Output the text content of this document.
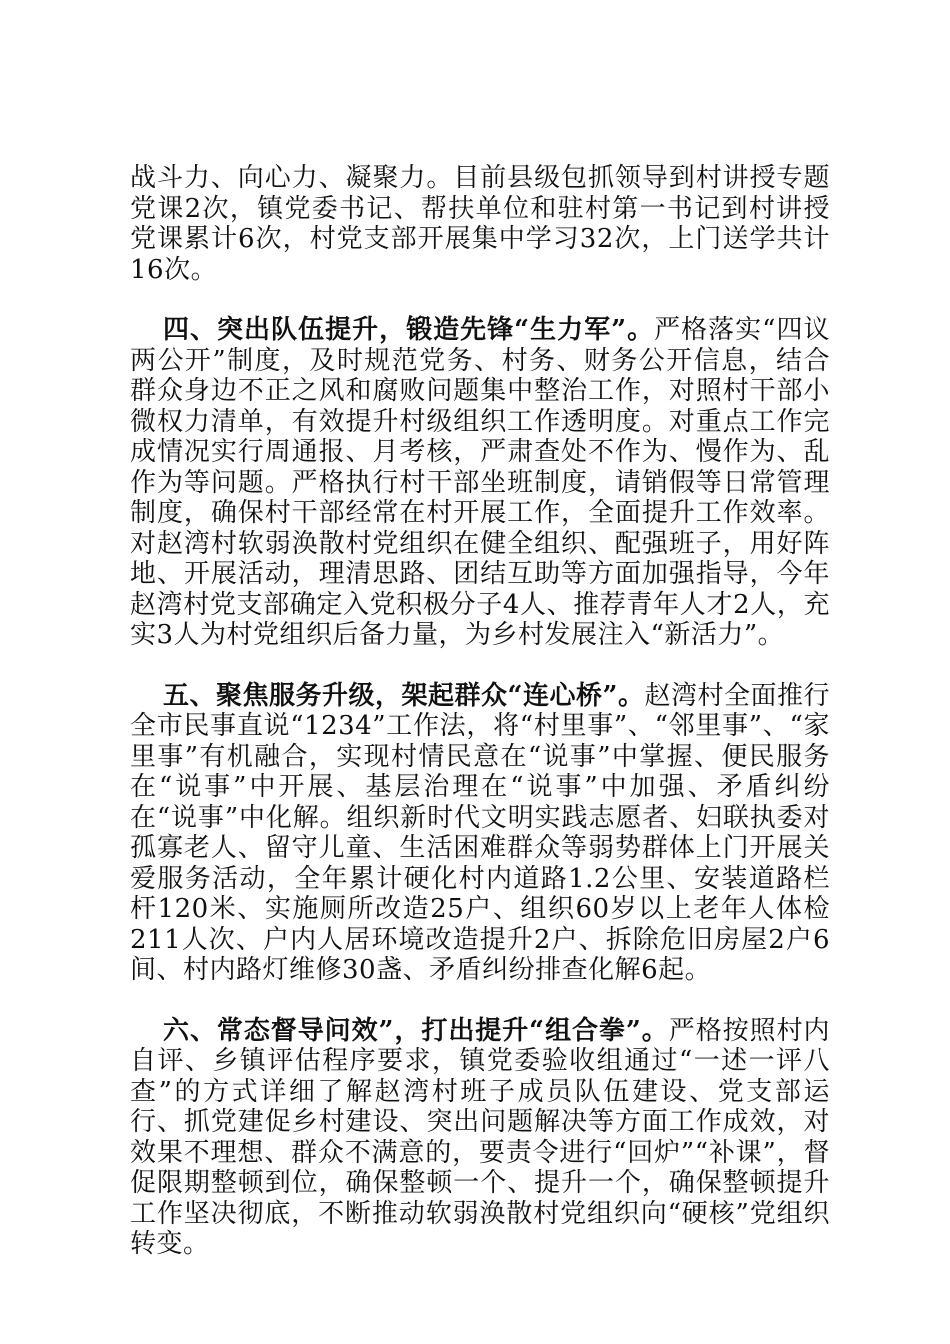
战斗力、向心力、凝聚力。目前县级包抓领导到村讲授专题党课2次，镇党委书记、帮扶单位和驻村第一书记到村讲授党课累计6次，村党支部开展集中学习32次，上门送学共计16次。

四、突出队伍提升，锻造先锋“生力军”。严格落实“四议两公开”制度，及时规范党务、村务、财务公开信息，结合群众身边不正之风和腐败问题集中整治工作，对照村干部小微权力清单，有效提升村级组织工作透明度。对重点工作完成情况实行周通报、月考核，严肃查处不作为、慢作为、乱作为等问题。严格执行村干部坐班制度，请销假等日常管理制度，确保村干部经常在村开展工作，全面提升工作效率。对赵湾村软弱涣散村党组织在健全组织、配强班子，用好阵地、开展活动，理清思路、团结互助等方面加强指导，今年赵湾村党支部确定入党积极分子4人、推荐青年人才2人，充实3人为村党组织后备力量，为乡村发展注入“新活力”。

五、聚焦服务升级，架起群众“连心桥”。赵湾村全面推行全市民事直说“1234”工作法，将“村里事”、“邻里事”、“家里事”有机融合，实现村情民意在“说事”中掌握、便民服务在“说事”中开展、基层治理在“说事”中加强、矛盾纠纷在“说事”中化解。组织新时代文明实践志愿者、妇联执委对孤寡老人、留守儿童、生活困难群众等弱势群体上门开展关爱服务活动，全年累计硬化村内道路1.2公里、安装道路栏杆120米、实施厕所改造25户、组织60岁以上老年人体检211人次、户内人居环境改造提升2户、拆除危旧房屋2户6间、村内路灯维修30盏、矛盾纠纷排查化解6起。

六、常态督导问效”，打出提升“组合拳”。严格按照村内自评、乡镇评估程序要求，镇党委验收组通过“一述一评八查”的方式详细了解赵湾村班子成员队伍建设、党支部运行、抓党建促乡村建设、突出问题解决等方面工作成效，对效果不理想、群众不满意的，要责令进行“回炉”“补课”，督促限期整顿到位，确保整顿一个、提升一个，确保整顿提升工作坚决彻底，不断推动软弱涣散村党组织向“硬核”党组织转变。
